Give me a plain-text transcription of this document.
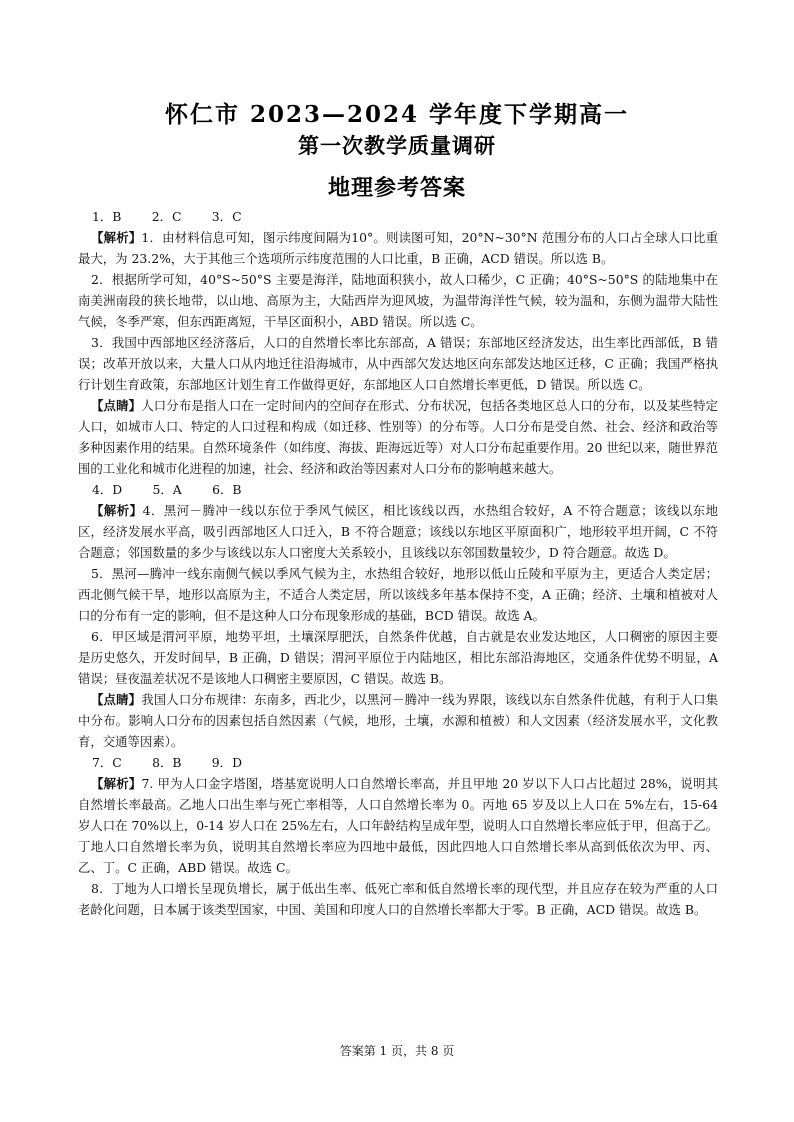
怀仁市 2023—2024 学年度下学期高一
第一次教学质量调研
地理参考答案
1．B　 2．C　 3．C

【解析】1．由材料信息可知，图示纬度间隔为10°。则读图可知，20°N~30°N 范围分布的人口占全球人口比重最大，为 23.2%，大于其他三个选项所示纬度范围的人口比重，B 正确，ACD 错误。所以选 B。

2．根据所学可知，40°S~50°S 主要是海洋，陆地面积狭小，故人口稀少，C 正确；40°S~50°S 的陆地集中在南美洲南段的狭长地带，以山地、高原为主，大陆西岸为迎风坡，为温带海洋性气候，较为温和，东侧为温带大陆性气候，冬季严寒，但东西距离短，干旱区面积小，ABD 错误。所以选 C。

3．我国中西部地区经济落后，人口的自然增长率比东部高，A 错误；东部地区经济发达，出生率比西部低，B 错误；改革开放以来，大量人口从内地迁往沿海城市，从中西部欠发达地区向东部发达地区迁移，C 正确；我国严格执行计划生育政策，东部地区计划生育工作做得更好，东部地区人口自然增长率更低，D 错误。所以选 C。

【点睛】人口分布是指人口在一定时间内的空间存在形式、分布状况，包括各类地区总人口的分布，以及某些特定人口，如城市人口、特定的人口过程和构成（如迁移、性别等）的分布等。人口分布是受自然、社会、经济和政治等多种因素作用的结果。自然环境条件（如纬度、海拔、距海远近等）对人口分布起重要作用。20 世纪以来，随世界范围的工业化和城市化进程的加速，社会、经济和政治等因素对人口分布的影响越来越大。

4．D　 5．A　 6．B

【解析】4．黑河－腾冲一线以东位于季风气候区，相比该线以西，水热组合较好，A 不符合题意；该线以东地区，经济发展水平高，吸引西部地区人口迁入，B 不符合题意；该线以东地区平原面积广，地形较平坦开阔，C 不符合题意；邻国数量的多少与该线以东人口密度大关系较小，且该线以东邻国数量较少，D 符合题意。故选 D。

5．黑河—腾冲一线东南侧气候以季风气候为主，水热组合较好，地形以低山丘陵和平原为主，更适合人类定居；西北侧气候干旱，地形以高原为主，不适合人类定居，所以该线多年基本保持不变，A 正确；经济、土壤和植被对人口的分布有一定的影响，但不是这种人口分布现象形成的基础，BCD 错误。故选 A。

6．甲区域是渭河平原，地势平坦，土壤深厚肥沃，自然条件优越，自古就是农业发达地区，人口稠密的原因主要是历史悠久，开发时间早，B 正确，D 错误；渭河平原位于内陆地区，相比东部沿海地区，交通条件优势不明显，A 错误；昼夜温差状况不是该地人口稠密主要原因，C 错误。故选 B。

【点睛】我国人口分布规律：东南多，西北少，以黑河－腾冲一线为界限，该线以东自然条件优越，有利于人口集中分布。影响人口分布的因素包括自然因素（气候，地形，土壤，水源和植被）和人文因素（经济发展水平，文化教育，交通等因素）。

7．C　 8．B　 9．D

【解析】7. 甲为人口金字塔图，塔基宽说明人口自然增长率高，并且甲地 20 岁以下人口占比超过 28%，说明其自然增长率最高。乙地人口出生率与死亡率相等，人口自然增长率为 0。丙地 65 岁及以上人口在 5%左右，15-64 岁人口在 70%以上，0-14 岁人口在 25%左右，人口年龄结构呈成年型，说明人口自然增长率应低于甲，但高于乙。丁地人口自然增长率为负，说明其自然增长率应为四地中最低，因此四地人口自然增长率从高到低依次为甲、丙、乙、丁。C 正确，ABD 错误。故选 C。

8．丁地为人口增长呈现负增长，属于低出生率、低死亡率和低自然增长率的现代型，并且应存在较为严重的人口老龄化问题，日本属于该类型国家，中国、美国和印度人口的自然增长率都大于零。B 正确，ACD 错误。故选 B。

答案第 1 页，共 8 页
